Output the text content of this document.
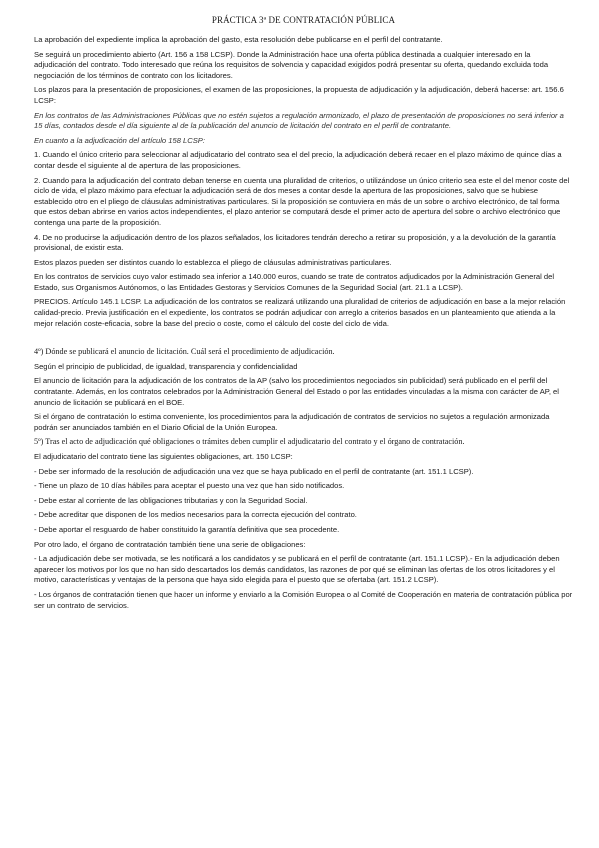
PRÁCTICA 3ª DE CONTRATACIÓN PÚBLICA

La aprobación del expediente implica la aprobación del gasto, esta resolución debe publicarse en el perfil del contratante.

Se seguirá un procedimiento abierto (Art. 156 a 158 LCSP). Donde la Administración hace una oferta pública destinada a cualquier interesado en la adjudicación del contrato. Todo interesado que reúna los requisitos de solvencia y capacidad exigidos podrá presentar su oferta, quedando excluida toda negociación de los términos de contrato con los licitadores.

Los plazos para la presentación de proposiciones, el examen de las proposiciones, la propuesta de adjudicación y la adjudicación, deberá hacerse: art. 156.6 LCSP:

En los contratos de las Administraciones Públicas que no estén sujetos a regulación armonizado, el plazo de presentación de proposiciones no será inferior a 15 días, contados desde el día siguiente al de la publicación del anuncio de licitación del contrato en el perfil de contratante.

En cuanto a la adjudicación del artículo 158 LCSP:

1. Cuando el único criterio para seleccionar al adjudicatario del contrato sea el del precio, la adjudicación deberá recaer en el plazo máximo de quince días a contar desde el siguiente al de apertura de las proposiciones.

2. Cuando para la adjudicación del contrato deban tenerse en cuenta una pluralidad de criterios, o utilizándose un único criterio sea este el del menor coste del ciclo de vida, el plazo máximo para efectuar la adjudicación será de dos meses a contar desde la apertura de las proposiciones, salvo que se hubiese establecido otro en el pliego de cláusulas administrativas particulares. Si la proposición se contuviera en más de un sobre o archivo electrónico, de tal forma que estos deban abrirse en varios actos independientes, el plazo anterior se computará desde el primer acto de apertura del sobre o archivo electrónico que contenga una parte de la proposición.

4. De no producirse la adjudicación dentro de los plazos señalados, los licitadores tendrán derecho a retirar su proposición, y a la devolución de la garantía provisional, de existir esta.

Estos plazos pueden ser distintos cuando lo establezca el pliego de cláusulas administrativas particulares.

En los contratos de servicios cuyo valor estimado sea inferior a 140.000 euros, cuando se trate de contratos adjudicados por la Administración General del Estado, sus Organismos Autónomos, o las Entidades Gestoras y Servicios Comunes de la Seguridad Social (art. 21.1 a LCSP).

PRECIOS. Artículo 145.1 LCSP. La adjudicación de los contratos se realizará utilizando una pluralidad de criterios de adjudicación en base a la mejor relación calidad-precio. Previa justificación en el expediente, los contratos se podrán adjudicar con arreglo a criterios basados en un planteamiento que atienda a la mejor relación coste-eficacia, sobre la base del precio o coste, como el cálculo del coste del ciclo de vida.

4º) Dónde se publicará el anuncio de licitación. Cuál será el procedimiento de adjudicación.

Según el principio de publicidad, de igualdad, transparencia y confidencialidad

El anuncio de licitación para la adjudicación de los contratos de la AP (salvo los procedimientos negociados sin publicidad) será publicado en el perfil del contratante. Además, en los contratos celebrados por la Administración General del Estado o por las entidades vinculadas a la misma con carácter de AP, el anuncio de licitación se publicará en el BOE.

Si el órgano de contratación lo estima conveniente, los procedimientos para la adjudicación de contratos de servicios no sujetos a regulación armonizada podrán ser anunciados también en el Diario Oficial de la Unión Europea.

5º) Tras el acto de adjudicación qué obligaciones o trámites deben cumplir el adjudicatario del contrato y el órgano de contratación.

El adjudicatario del contrato tiene las siguientes obligaciones, art. 150 LCSP:

- Debe ser informado de la resolución de adjudicación una vez que se haya publicado en el perfil de contratante (art. 151.1 LCSP).

- Tiene un plazo de 10 días hábiles para aceptar el puesto una vez que han sido notificados.

- Debe estar al corriente de las obligaciones tributarias y con la Seguridad Social.

- Debe acreditar que disponen de los medios necesarios para la correcta ejecución del contrato.

- Debe aportar el resguardo de haber constituido la garantía definitiva que sea procedente.

Por otro lado, el órgano de contratación también tiene una serie de obligaciones:

- La adjudicación debe ser motivada, se les notificará a los candidatos y se publicará en el perfil de contratante (art. 151.1 LCSP).- En la adjudicación deben aparecer los motivos por los que no han sido descartados los demás candidatos, las razones de por qué se eliminan las ofertas de los otros licitadores y el motivo, características y ventajas de la persona que haya sido elegida para el puesto que se ofertaba (art. 151.2 LCSP).

- Los órganos de contratación tienen que hacer un informe y enviarlo a la Comisión Europea o al Comité de Cooperación en materia de contratación pública por ser un contrato de servicios.
